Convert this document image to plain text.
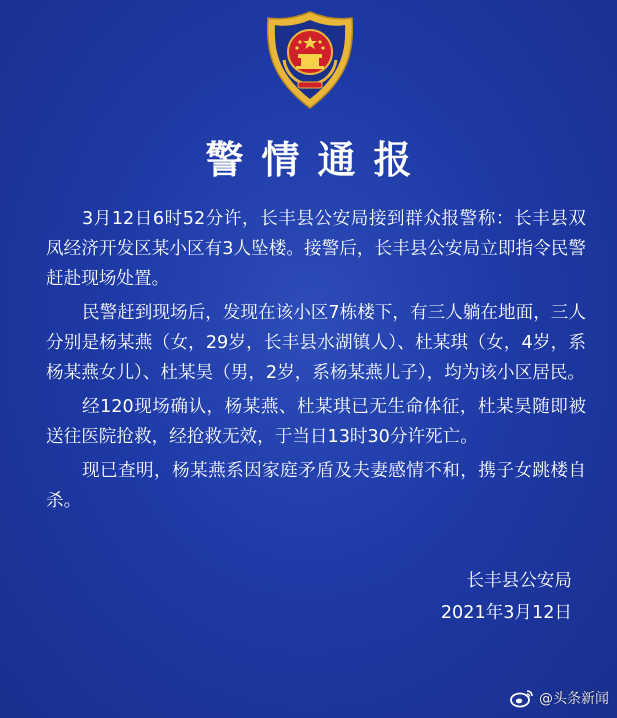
警情通报

3月12日6时52分许，长丰县公安局接到群众报警称：长丰县双凤经济开发区某小区有3人坠楼。接警后，长丰县公安局立即指令民警赶赴现场处置。

民警赶到现场后，发现在该小区7栋楼下，有三人躺在地面，三人分别是杨某燕（女，29岁，长丰县水湖镇人）、杜某琪（女，4岁，系杨某燕女儿）、杜某昊（男，2岁，系杨某燕儿子），均为该小区居民。

经120现场确认，杨某燕、杜某琪已无生命体征，杜某昊随即被送往医院抢救，经抢救无效，于当日13时30分许死亡。

现已查明，杨某燕系因家庭矛盾及夫妻感情不和，携子女跳楼自杀。

长丰县公安局
2021年3月12日
@头条新闻
